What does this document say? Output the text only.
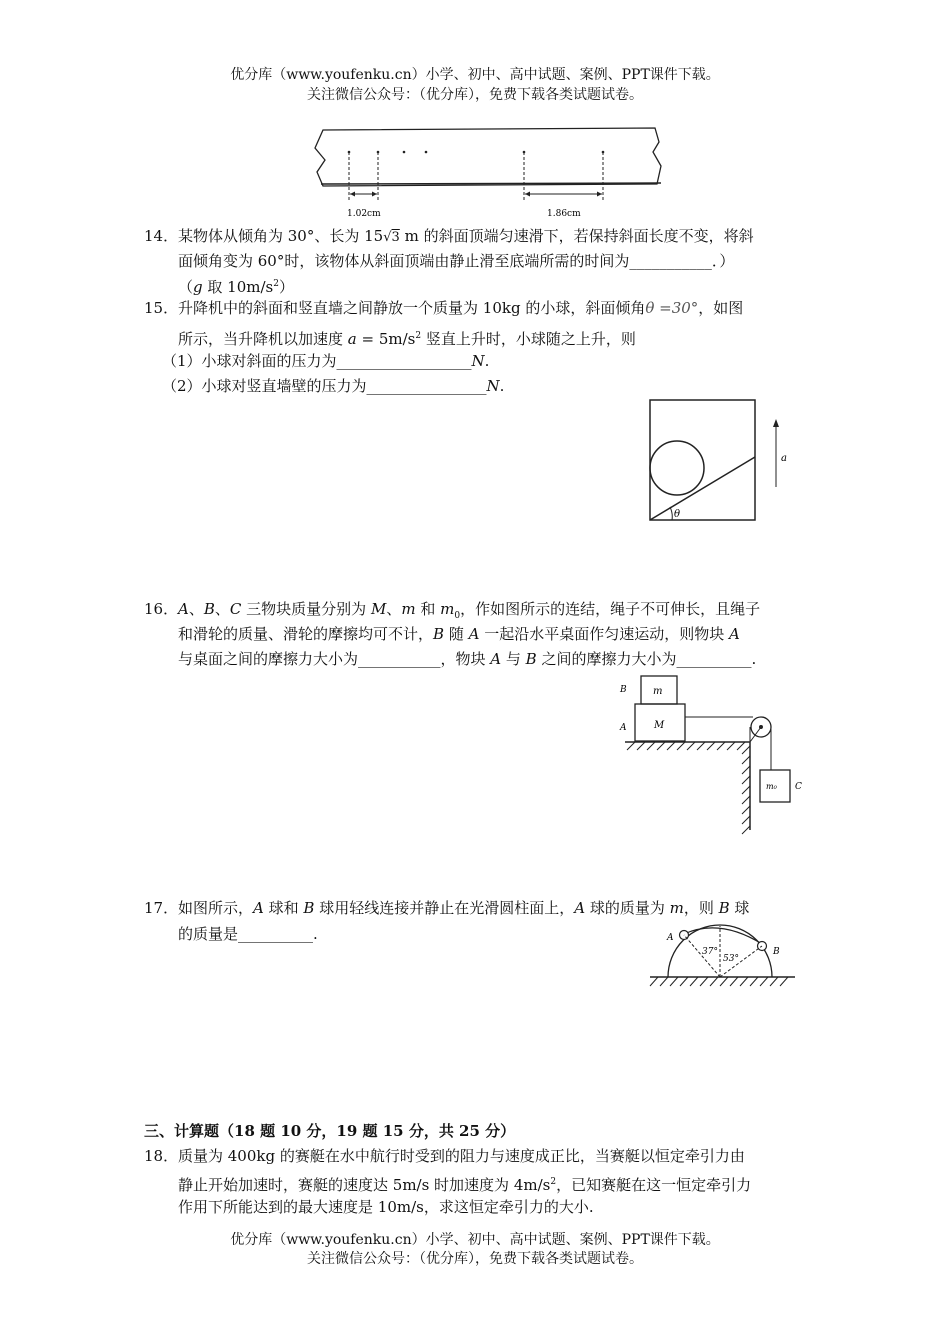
优分库（www.youfenku.cn）小学、初中、高中试题、案例、PPT课件下载。
关注微信公众号：（优分库），免费下载各类试题试卷。
1.02cm	1.86cm
14． 某物体从倾角为 30°、长为 15√3 m 的斜面顶端匀速滑下，若保持斜面长度不变，将斜
面倾角变为 60°时，该物体从斜面顶端由静止滑至底端所需的时间为___________．）
（g 取 $10m/s^2$）
15． 升降机中的斜面和竖直墙之间静放一个质量为 10kg 的小球，斜面倾角θ =30°，如图
所示，当升降机以加速度 $a = 5m/s^2$ 竖直上升时，小球随之上升，则
（1）小球对斜面的压力为__________________N.
（2）小球对竖直墙壁的压力为________________N.
θ
a
16． A、B、C 三物块质量分别为 M、m 和 $m_0$，作如图所示的连结，绳子不可伸长，且绳子
和滑轮的质量、滑轮的摩擦均可不计，B 随 A 一起沿水平桌面作匀速运动，则物块 A
与桌面之间的摩擦力大小为___________，物块 A 与 B 之间的摩擦力大小为__________.
B	m
A	M
m₀ C
17． 如图所示，A 球和 B 球用轻线连接并静止在光滑圆柱面上，A 球的质量为 m，则 B 球
的质量是__________.	A
B
37°
53°
三、计算题（18 题 10 分，19 题 15 分，共 25 分）
18． 质量为 400kg 的赛艇在水中航行时受到的阻力与速度成正比，当赛艇以恒定牵引力由
静止开始加速时，赛艇的速度达 5m/s 时加速度为 $4m/s^2$，已知赛艇在这一恒定牵引力
作用下所能达到的最大速度是 10m/s，求这恒定牵引力的大小.
优分库（www.youfenku.cn）小学、初中、高中试题、案例、PPT课件下载。
关注微信公众号：（优分库），免费下载各类试题试卷。
